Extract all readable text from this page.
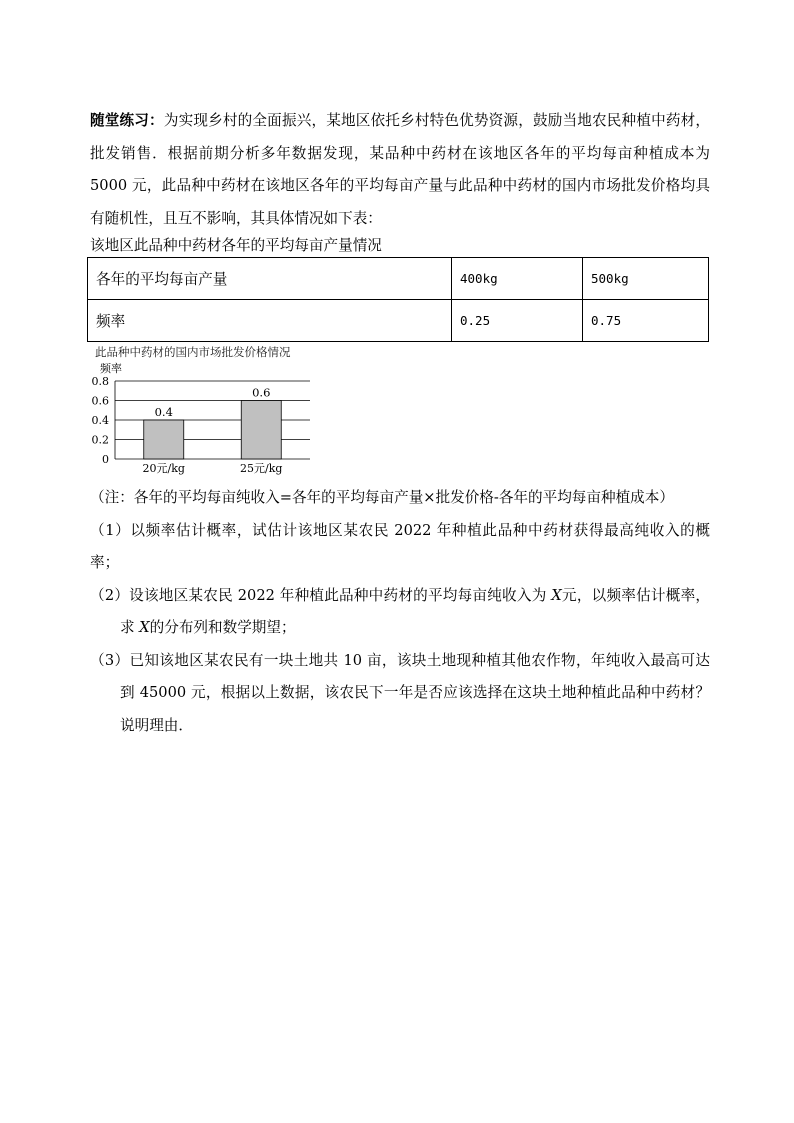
随堂练习：为实现乡村的全面振兴，某地区依托乡村特色优势资源，鼓励当地农民种植中药材，批发销售．根据前期分析多年数据发现，某品种中药材在该地区各年的平均每亩种植成本为 5000 元，此品种中药材在该地区各年的平均每亩产量与此品种中药材的国内市场批发价格均具有随机性，且互不影响，其具体情况如下表：

该地区此品种中药材各年的平均每亩产量情况

各年的平均每亩产量	400kg	500kg
频率	0.25	0.75
此品种中药材的国内市场批发价格情况
频率
0
0.2
0.4
0.6
0.8
0.4
20元/kg
0.6
25元/kg

（注：各年的平均每亩纯收入=各年的平均每亩产量×批发价格-各年的平均每亩种植成本）

（1）以频率估计概率，试估计该地区某农民 2022 年种植此品种中药材获得最高纯收入的概率；

（2）设该地区某农民 2022 年种植此品种中药材的平均每亩纯收入为 X元，以频率估计概率，求 X的分布列和数学期望；

（3）已知该地区某农民有一块土地共 10 亩，该块土地现种植其他农作物，年纯收入最高可达到 45000 元，根据以上数据，该农民下一年是否应该选择在这块土地种植此品种中药材？说明理由．
